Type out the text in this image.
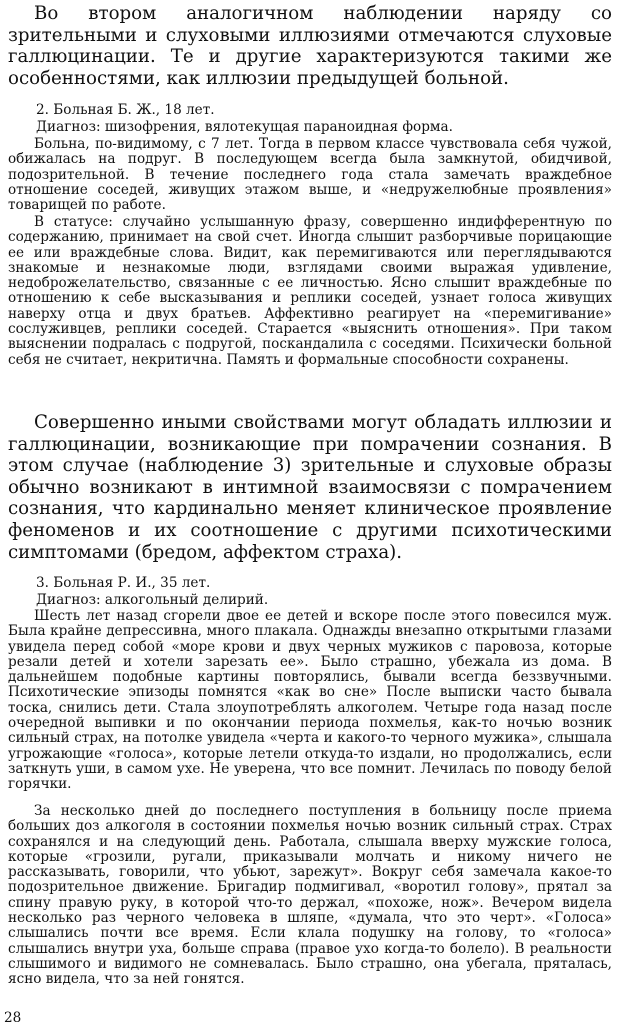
Во втором аналогичном наблюдении наряду со зрительными и слуховыми иллюзиями отмечаются слуховые галлюцинации. Те и другие характеризуются такими же особенностями, как иллюзии предыдущей больной.

2. Больная Б. Ж., 18 лет.

Диагноз: шизофрения, вялотекущая параноидная форма.

Больна, по-видимому, с 7 лет. Тогда в первом классе чувствовала себя чужой, обижалась на подруг. В последующем всегда была замкнутой, обидчивой, подозрительной. В течение последнего года стала замечать враждебное отношение соседей, живущих этажом выше, и «недружелюбные проявления» товарищей по работе.

В статусе: случайно услышанную фразу, совершенно индифферентную по содержанию, принимает на свой счет. Иногда слышит разборчивые порицающие ее или враждебные слова. Видит, как перемигиваются или переглядываются знакомые и незнакомые люди, взглядами своими выражая удивление, недоброжелательство, связанные с ее личностью. Ясно слышит враждебные по отношению к себе высказывания и реплики соседей, узнает голоса живущих наверху отца и двух братьев. Аффективно реагирует на «перемигивание» сослуживцев, реплики соседей. Старается «выяснить отношения». При таком выяснении подралась с подругой, поскандалила с соседями. Психически больной себя не считает, некритична. Память и формальные способности сохранены.

Совершенно иными свойствами могут обладать иллюзии и галлюцинации, возникающие при помрачении сознания. В этом случае (наблюдение 3) зрительные и слуховые образы обычно возникают в интимной взаимосвязи с помрачением сознания, что кардинально меняет клиническое проявление феноменов и их соотношение с другими психотическими симптомами (бредом, аффектом страха).

3. Больная Р. И., 35 лет.

Диагноз: алкогольный делирий.

Шесть лет назад сгорели двое ее детей и вскоре после этого повесился муж. Была крайне депрессивна, много плакала. Однажды внезапно открытыми глазами увидела перед собой «море крови и двух черных мужиков с паровоза, которые резали детей и хотели зарезать ее». Было страшно, убежала из дома. В дальнейшем подобные картины повторялись, бывали всегда беззвучными. Психотические эпизоды помнятся «как во сне» После выписки часто бывала тоска, снились дети. Стала злоупотреблять алкоголем. Четыре года назад после очередной выпивки и по окончании периода похмелья, как-то ночью возник сильный страх, на потолке увидела «черта и какого-то черного мужика», слышала угрожающие «голоса», которые летели откуда-то издали, но продолжались, если заткнуть уши, в самом ухе. Не уверена, что все помнит. Лечилась по поводу белой горячки.

За несколько дней до последнего поступления в больницу после приема больших доз алкоголя в состоянии похмелья ночью возник сильный страх. Страх сохранялся и на следующий день. Работала, слышала вверху мужские голоса, которые «грозили, ругали, приказывали молчать и никому ничего не рассказывать, говорили, что убьют, зарежут». Вокруг себя замечала какое-то подозрительное движение. Бригадир подмигивал, «воротил голову», прятал за спину правую руку, в которой что-то держал, «похоже, нож». Вечером видела несколько раз черного человека в шляпе, «думала, что это черт». «Голоса» слышались почти все время. Если клала подушку на голову, то «голоса» слышались внутри уха, больше справа (правое ухо когда-то болело). В реальности слышимого и видимого не сомневалась. Было страшно, она убегала, пряталась, ясно видела, что за ней гонятся.

28
